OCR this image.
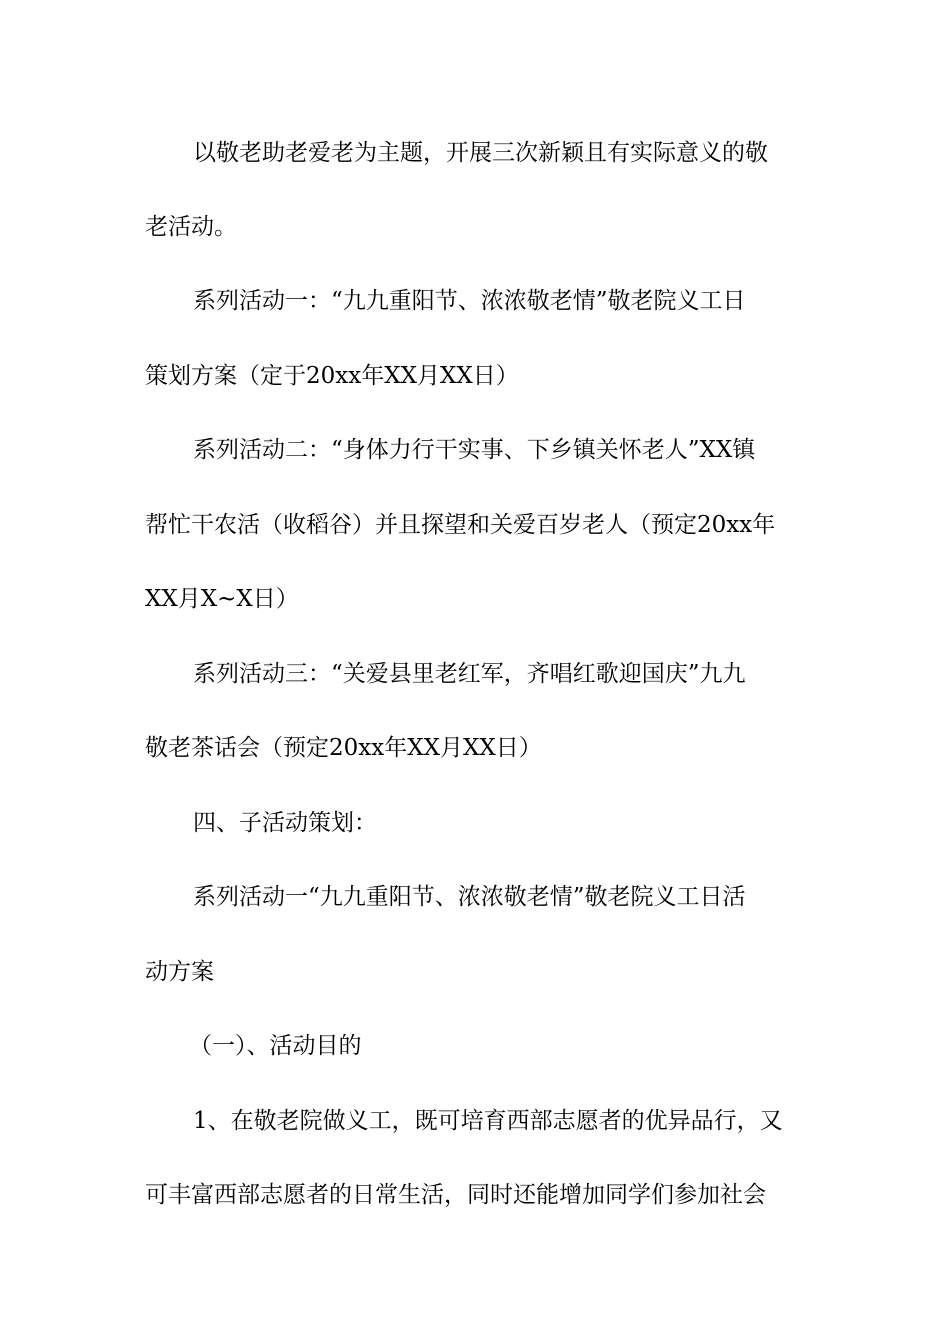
以敬老助老爱老为主题，开展三次新颖且有实际意义的敬
老活动。
系列活动一：“九九重阳节、浓浓敬老情”敬老院义工日
策划方案（定于20xx年XX月XX日）
系列活动二：“身体力行干实事、下乡镇关怀老人”XX镇
帮忙干农活（收稻谷）并且探望和关爱百岁老人（预定20xx年
XX月X~X日）
系列活动三：“关爱县里老红军，齐唱红歌迎国庆”九九
敬老茶话会（预定20xx年XX月XX日）
四、子活动策划：
系列活动一“九九重阳节、浓浓敬老情”敬老院义工日活
动方案
（一）、活动目的
1、在敬老院做义工，既可培育西部志愿者的优异品行，又
可丰富西部志愿者的日常生活，同时还能增加同学们参加社会
